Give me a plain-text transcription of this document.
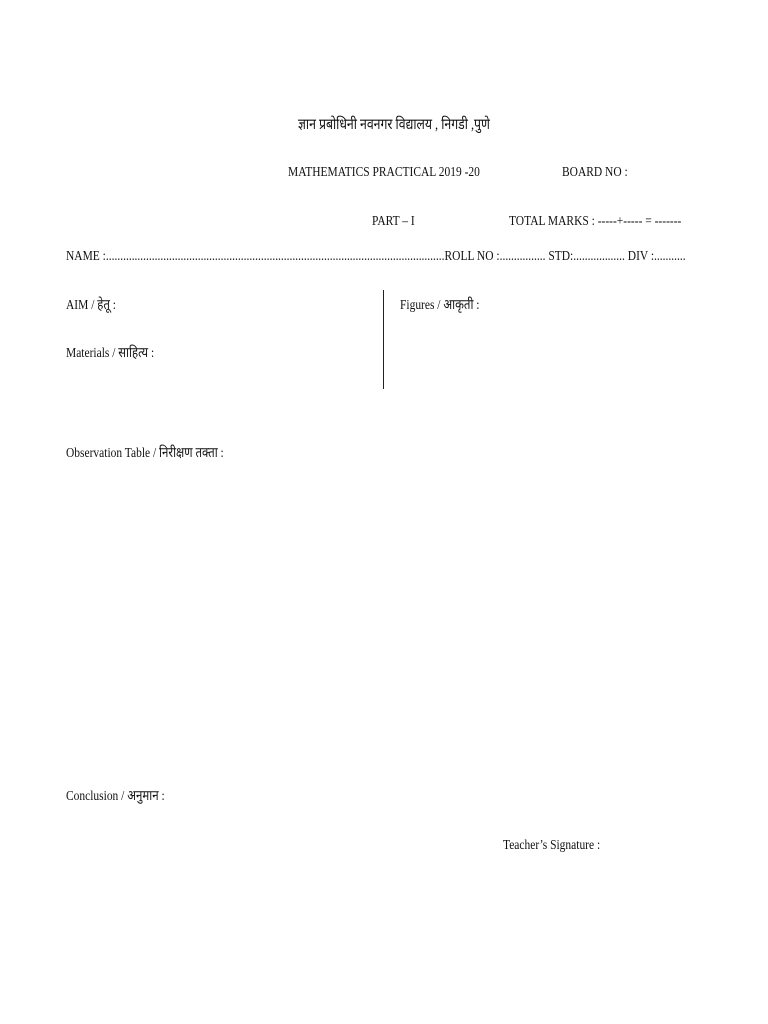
ज्ञान प्रबोधिनी नवनगर विद्यालय , निगडी ,पुणे
MATHEMATICS PRACTICAL 2019 -20	BOARD NO :
PART – I	TOTAL MARKS : -----+----- = -------
NAME :......................................................................................................................ROLL NO :................ STD:.................. DIV :...........
AIM / हेतू :	Figures / आकृती :
Materials / साहित्य :
Observation Table / निरीक्षण तक्ता :
Conclusion / अनुमान :
Teacher’s Signature :
